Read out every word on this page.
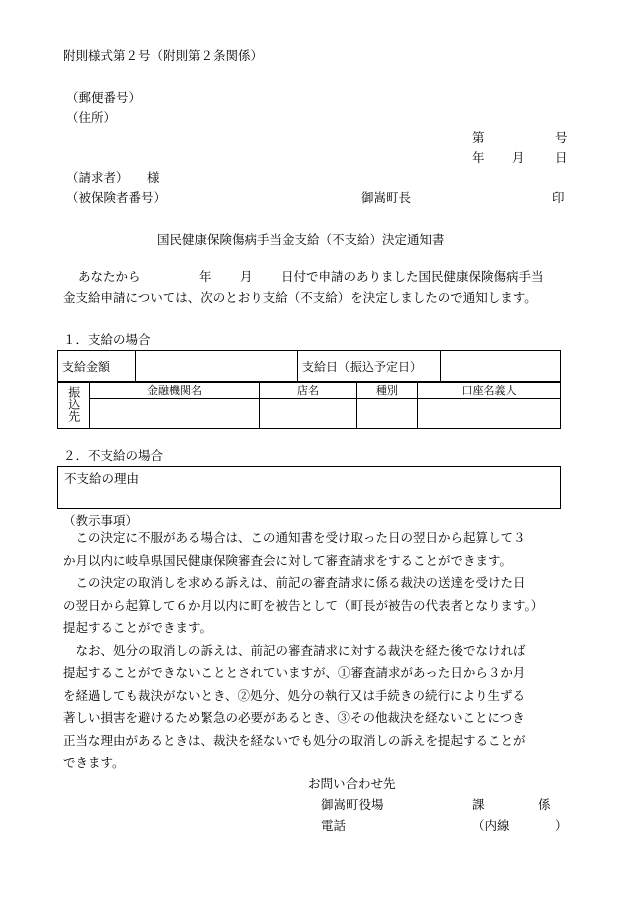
附則様式第２号（附則第２条関係）
（郵便番号）
（住所）
第	号
年 月 日
（請求者） 様
（被保険者番号）	御嵩町長	印
国民健康保険傷病手当金支給（不支給）決定通知書
あなたから	年 月 日付で申請のありました国民健康保険傷病手当
金支給申請については、次のとおり支給（不支給）を決定しましたので通知します。
１．支給の場合
支給金額		支給日（振込予定日）	
振込先	金融機関名	店名	種別	口座名義人

２．不支給の場合
不支給の理由
（教示事項）

　この決定に不服がある場合は、この通知書を受け取った日の翌日から起算して３

か月以内に岐阜県国民健康保険審査会に対して審査請求をすることができます。

　この決定の取消しを求める訴えは、前記の審査請求に係る裁決の送達を受けた日

の翌日から起算して６か月以内に町を被告として（町長が被告の代表者となります。）

提起することができます。

　なお、処分の取消しの訴えは、前記の審査請求に対する裁決を経た後でなければ

提起することができないこととされていますが、①審査請求があった日から３か月

を経過しても裁決がないとき、②処分、処分の執行又は手続きの続行により生ずる

著しい損害を避けるため緊急の必要があるとき、③その他裁決を経ないことにつき

正当な理由があるときは、裁決を経ないでも処分の取消しの訴えを提起することが

できます。

お問い合わせ先
御嵩町役場	課	係
電話	（内線	）
